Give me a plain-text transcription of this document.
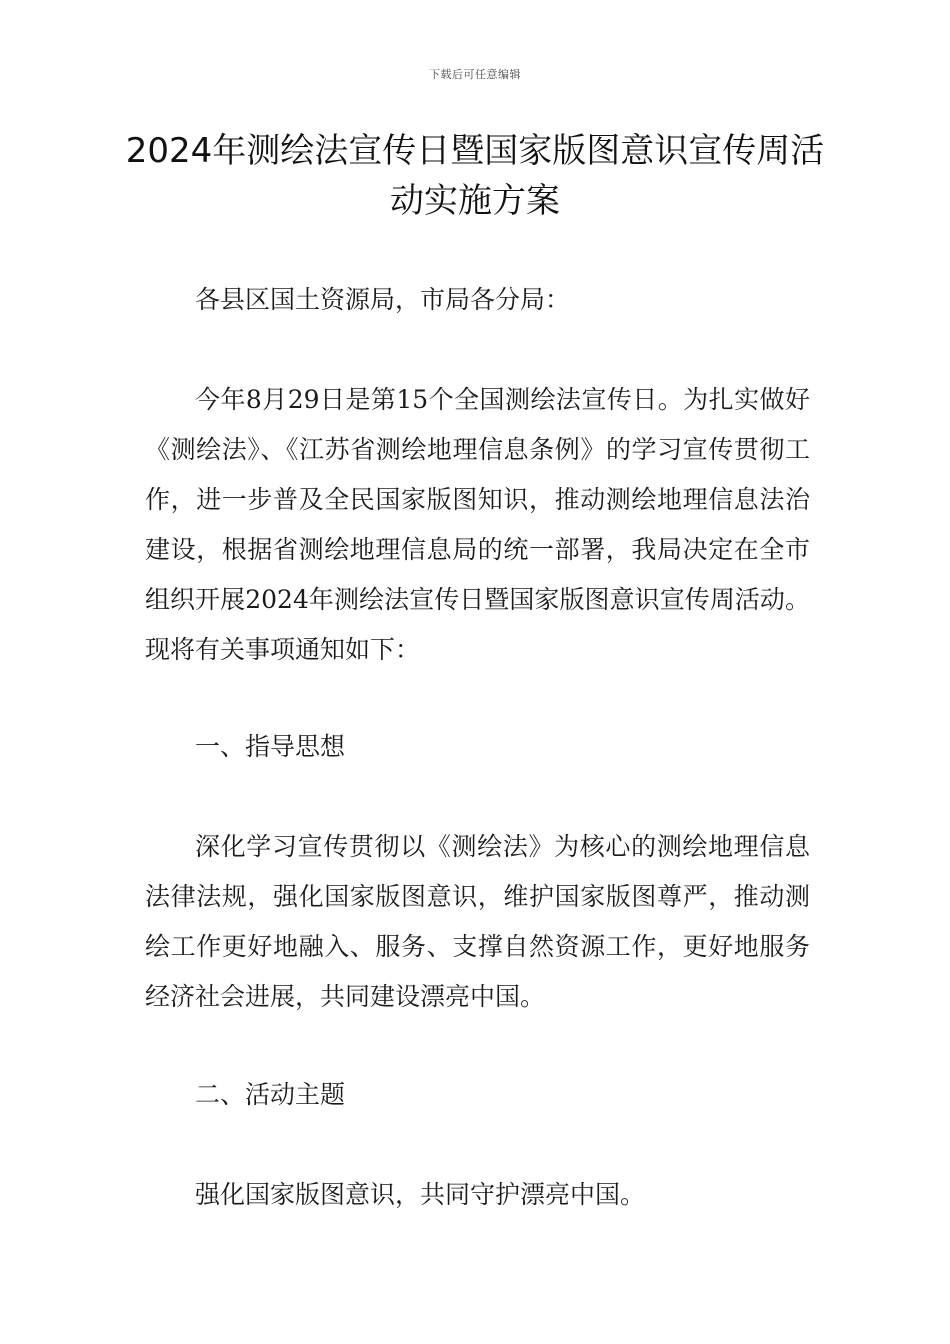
下载后可任意编辑
2024年测绘法宣传日暨国家版图意识宣传周活动实施方案

各县区国土资源局，市局各分局：

今年8月29日是第15个全国测绘法宣传日。为扎实做好《测绘法》、《江苏省测绘地理信息条例》的学习宣传贯彻工作，进一步普及全民国家版图知识，推动测绘地理信息法治建设，根据省测绘地理信息局的统一部署，我局决定在全市组织开展2024年测绘法宣传日暨国家版图意识宣传周活动。现将有关事项通知如下：

一、指导思想

深化学习宣传贯彻以《测绘法》为核心的测绘地理信息法律法规，强化国家版图意识，维护国家版图尊严，推动测绘工作更好地融入、服务、支撑自然资源工作，更好地服务经济社会进展，共同建设漂亮中国。

二、活动主题

强化国家版图意识，共同守护漂亮中国。
